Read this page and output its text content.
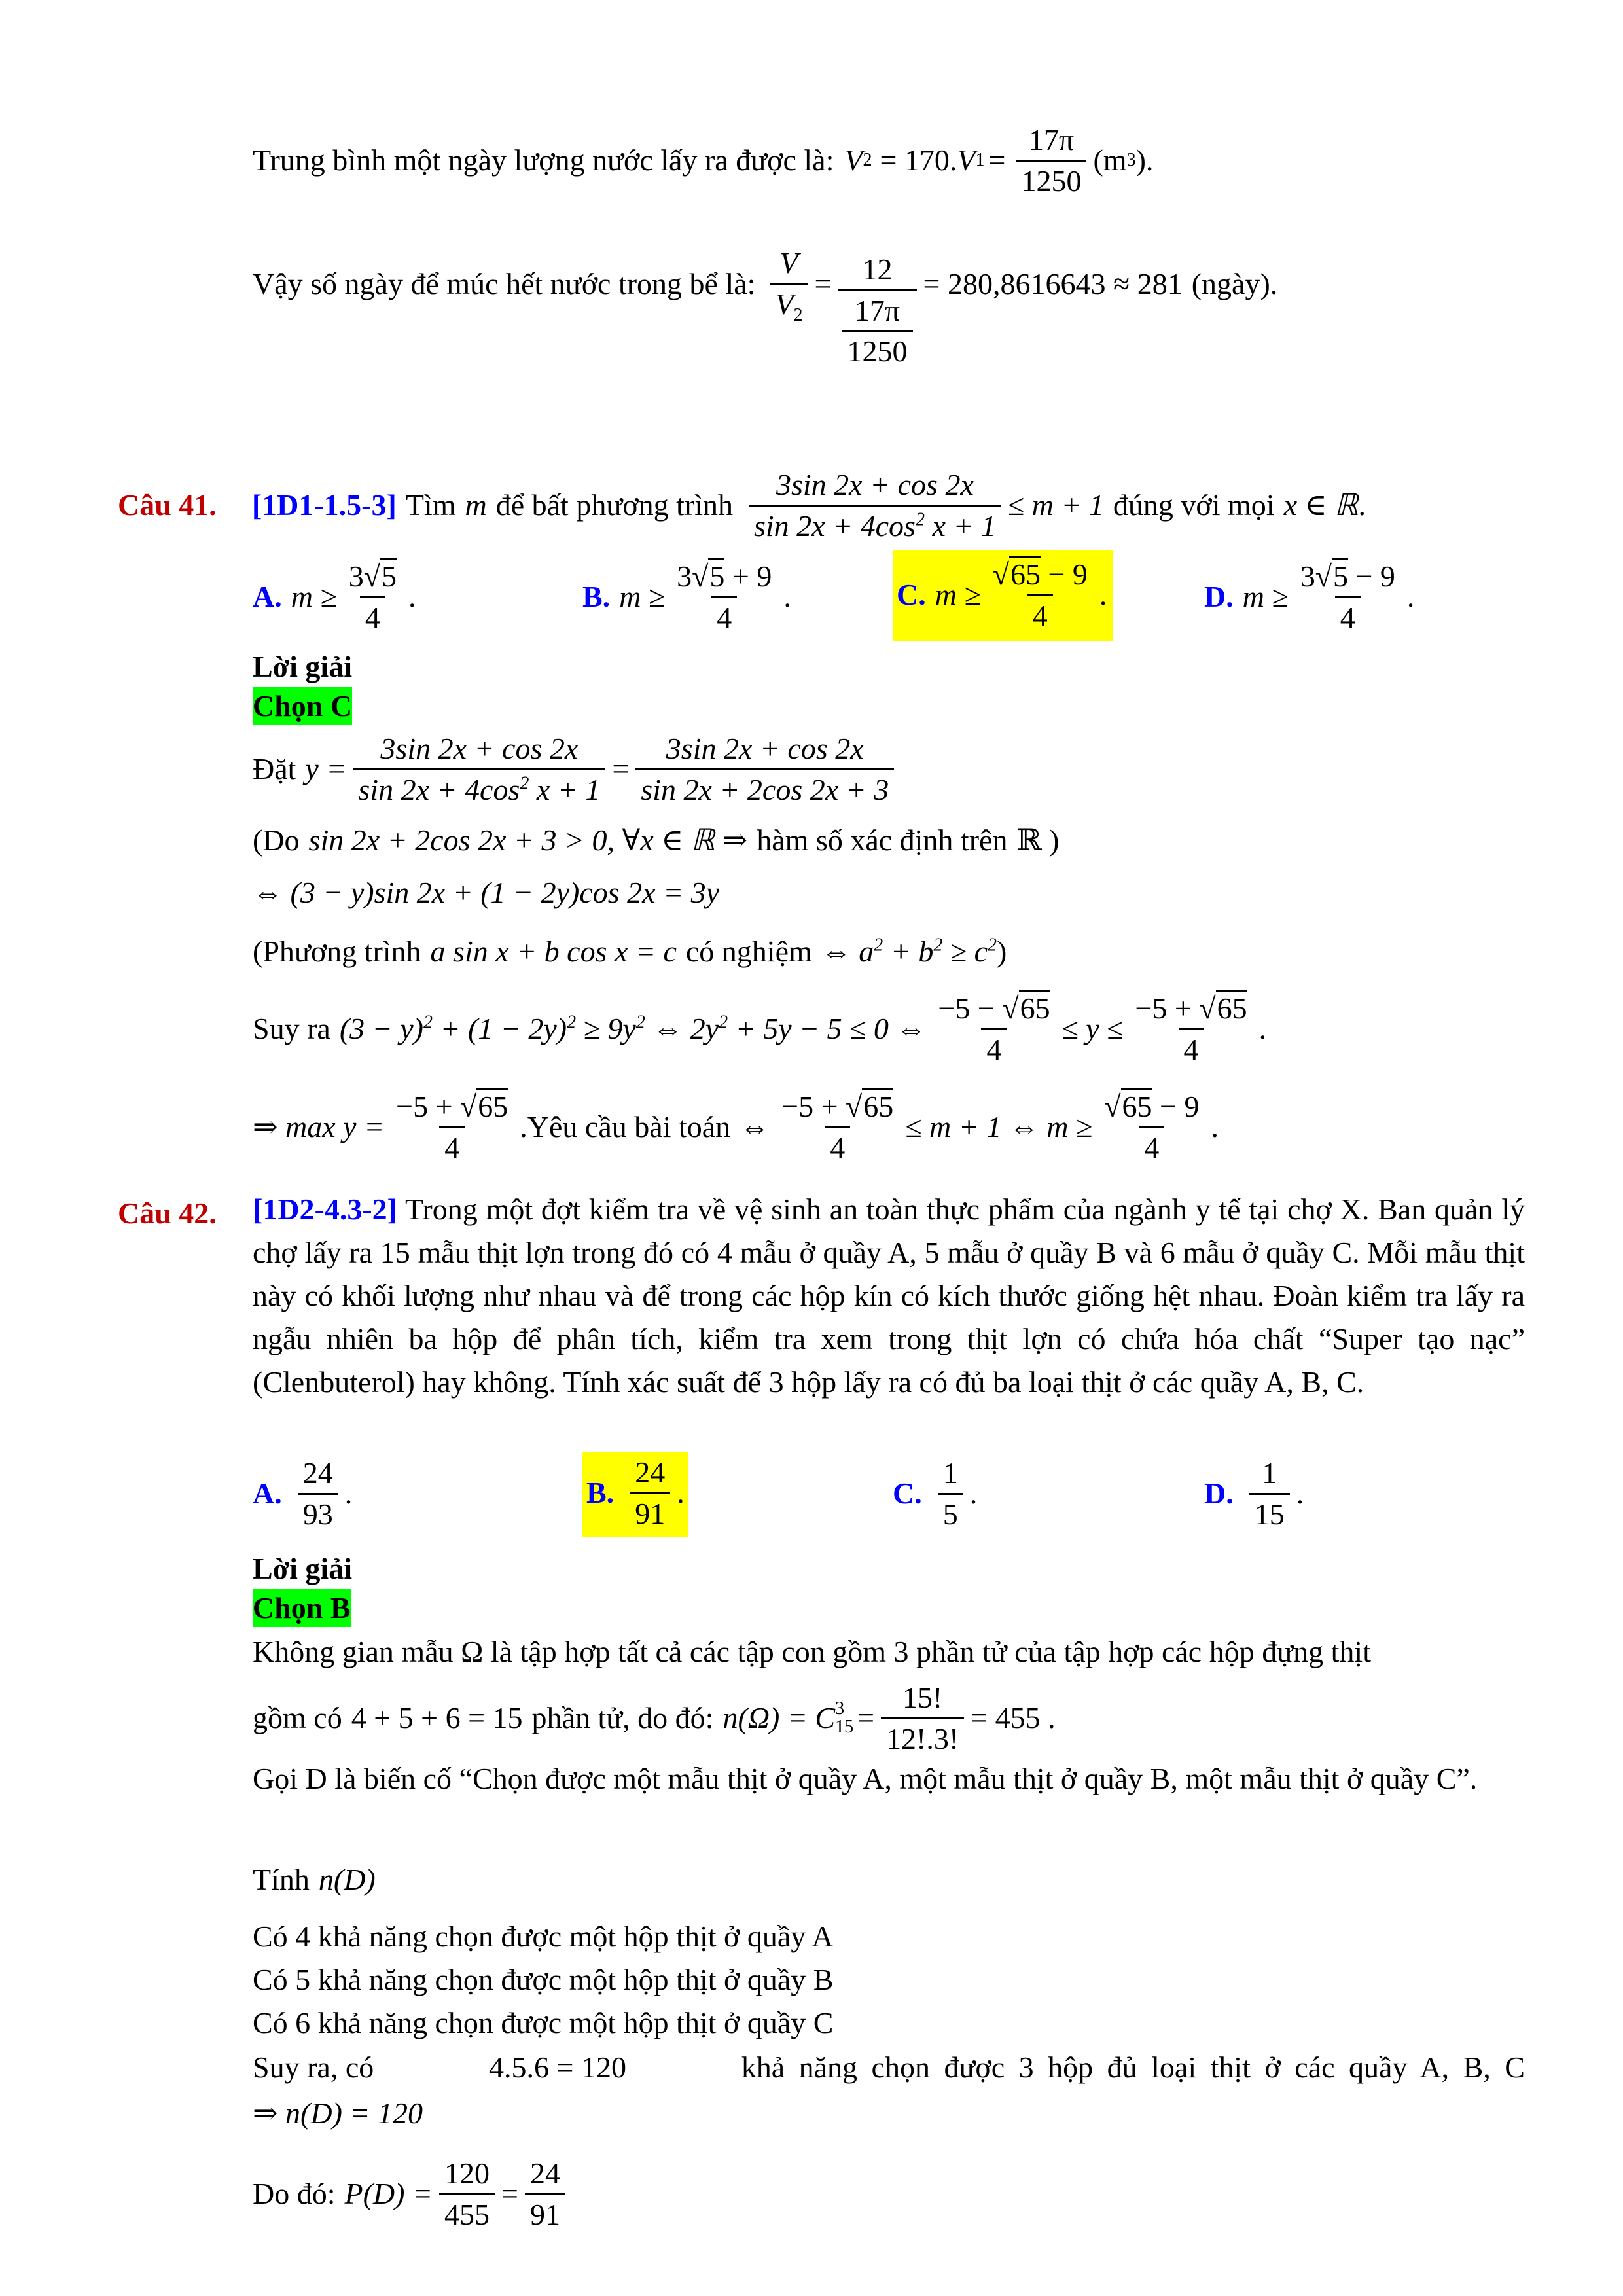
Trung bình một ngày lượng nước lấy ra được là: V 2 = 170. V $1 = \frac{17\pi}{1250} (m$ 3 ).
Vậy số ngày để múc hết nước trong bể là: $\frac{V}{V_2} = \frac{12}{\frac{17\pi}{1250}} = 280,8616643 \approx 281$ (ngày).
Câu 41. [1D1-1.5-3] Tìm m để bất phương trình $\frac{3\sin 2x + \cos 2x}{\sin 2x + 4\cos^2 x + 1} \le m + 1$ đúng với mọi x ∈ ℝ .
A. $m \ge \frac{3√5}{4}$ .	B. $m \ge \frac{3√5 + 9}{4}$ .	C. $m \ge \frac{√65 - 9}{4}$ .	D. $m \ge \frac{3√5 - 9}{4}$ .
Lời giải
Chọn C
Đặt $y = \frac{3\sin 2x + \cos 2x}{\sin 2x + 4\cos^2 x + 1} = \frac{3\sin 2x + \cos 2x}{\sin 2x + 2\cos 2x + 3}$
(Do sin 2x + 2cos 2x + 3 > 0, ∀x ∈ ℝ ⇒ hàm số xác định trên ℝ )
⇔ (3 − y)sin 2x + (1 − 2y)cos 2x = 3y
(Phương trình a sin x + b cos x = c có nghiệm ⇔ $a^2 + b^2 \ge c^2$ )
Suy ra $(3 - y)^2 + (1 - 2y)^2 \ge 9y^2$ ⇔ $2y^2 + 5y - 5 \le 0$ ⇔ $\frac{-5 - √65}{4} \le y \le \frac{-5 + √65}{4}$ .
⇒ $\max y = \frac{-5 + √65}{4}$ .Yêu cầu bài toán ⇔ $\frac{-5 + √65}{4} \le m + 1$ ⇔ $m \ge \frac{√65 - 9}{4}$ .
Câu 42. [1D2-4.3-2] Trong một đợt kiểm tra về vệ sinh an toàn thực phẩm của ngành y tế tại chợ X. Ban quản lý chợ lấy ra 15 mẫu thịt lợn trong đó có 4 mẫu ở quầy A, 5 mẫu ở quầy B và 6 mẫu ở quầy C. Mỗi mẫu thịt này có khối lượng như nhau và để trong các hộp kín có kích thước giống hệt nhau. Đoàn kiểm tra lấy ra ngẫu nhiên ba hộp để phân tích, kiểm tra xem trong thịt lợn có chứa hóa chất “Super tạo nạc” (Clenbuterol) hay không. Tính xác suất để 3 hộp lấy ra có đủ ba loại thịt ở các quầy A, B, C.
A. $\frac{24}{93}$ .	B. $\frac{24}{91}$ .	C. $\frac{1}{5}$ .	D. $\frac{1}{15}$ .
Lời giải
Chọn B
Không gian mẫu Ω là tập hợp tất cả các tập con gồm 3 phần tử của tập hợp các hộp đựng thịt
gồm có 4 + 5 + 6 = 15 phần tử, do đó: n(Ω) = C 3
$15 = \frac{15!}{12!.3!} = 455$ .
Gọi D là biến cố “Chọn được một mẫu thịt ở quầy A, một mẫu thịt ở quầy B, một mẫu thịt ở quầy C”.
Tính n(D)
Có 4 khả năng chọn được một hộp thịt ở quầy A
Có 5 khả năng chọn được một hộp thịt ở quầy B
Có 6 khả năng chọn được một hộp thịt ở quầy C
Suy ra, có	4.5.6 = 120	khả năng chọn được 3 hộp đủ loại thịt ở các quầy A, B, C
⇒ n(D) = 120
Do đó: $P(D) = \frac{120}{455} = \frac{24}{91}$
